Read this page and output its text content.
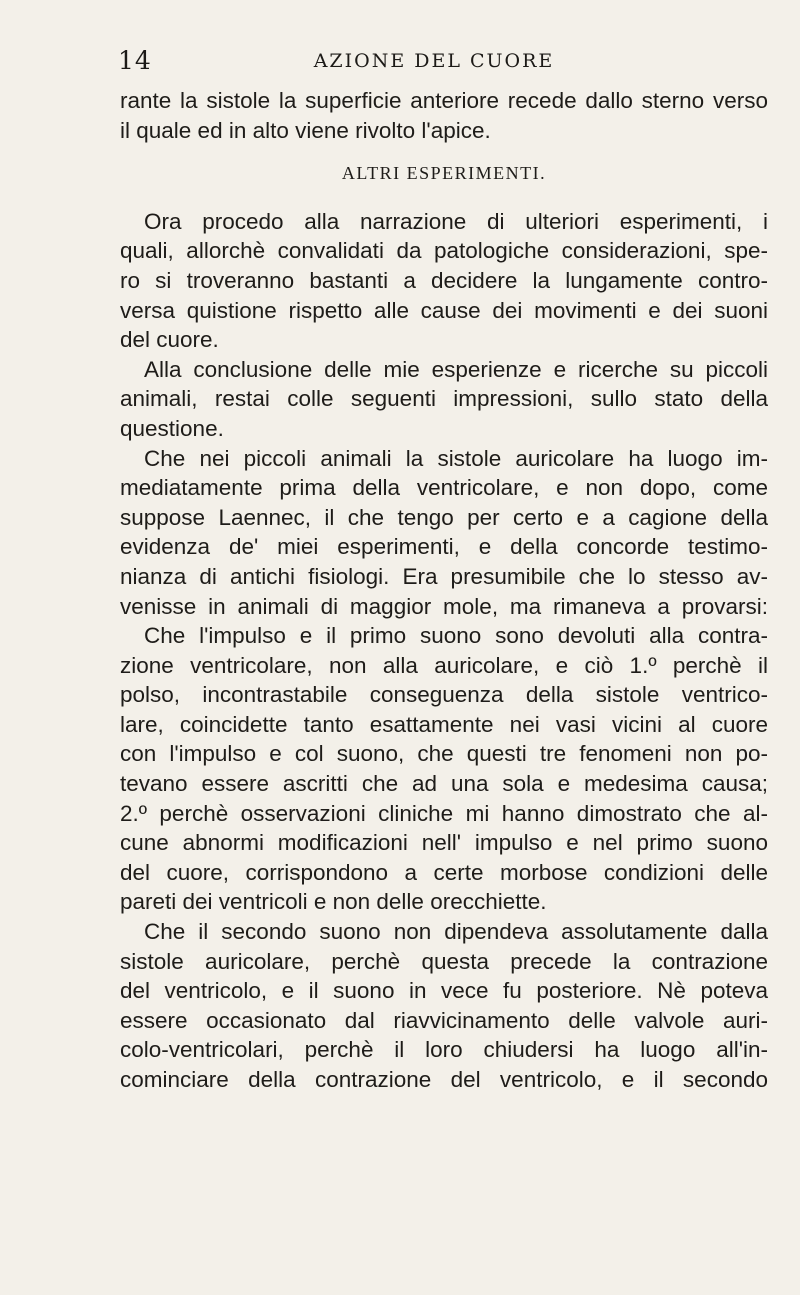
14	AZIONE DEL CUORE
rante la sistole la superficie anteriore recede dallo sterno verso
il quale ed in alto viene rivolto l'apice.
ALTRI ESPERIMENTI.
Ora procedo alla narrazione di ulteriori esperimenti, i
quali, allorchè convalidati da patologiche considerazioni, spe-
ro si troveranno bastanti a decidere la lungamente contro-
versa quistione rispetto alle cause dei movimenti e dei suoni
del cuore.
Alla conclusione delle mie esperienze e ricerche su piccoli
animali, restai colle seguenti impressioni, sullo stato della
questione.
Che nei piccoli animali la sistole auricolare ha luogo im-
mediatamente prima della ventricolare, e non dopo, come
suppose Laennec, il che tengo per certo e a cagione della
evidenza de' miei esperimenti, e della concorde testimo-
nianza di antichi fisiologi. Era presumibile che lo stesso av-
venisse in animali di maggior mole, ma rimaneva a provarsi:
Che l'impulso e il primo suono sono devoluti alla contra-
zione ventricolare, non alla auricolare, e ciò 1.º perchè il
polso, incontrastabile conseguenza della sistole ventrico-
lare, coincidette tanto esattamente nei vasi vicini al cuore
con l'impulso e col suono, che questi tre fenomeni non po-
tevano essere ascritti che ad una sola e medesima causa;
2.º perchè osservazioni cliniche mi hanno dimostrato che al-
cune abnormi modificazioni nell' impulso e nel primo suono
del cuore, corrispondono a certe morbose condizioni delle
pareti dei ventricoli e non delle orecchiette.
Che il secondo suono non dipendeva assolutamente dalla
sistole auricolare, perchè questa precede la contrazione
del ventricolo, e il suono in vece fu posteriore. Nè poteva
essere occasionato dal riavvicinamento delle valvole auri-
colo-ventricolari, perchè il loro chiudersi ha luogo all'in-
cominciare della contrazione del ventricolo, e il secondo
